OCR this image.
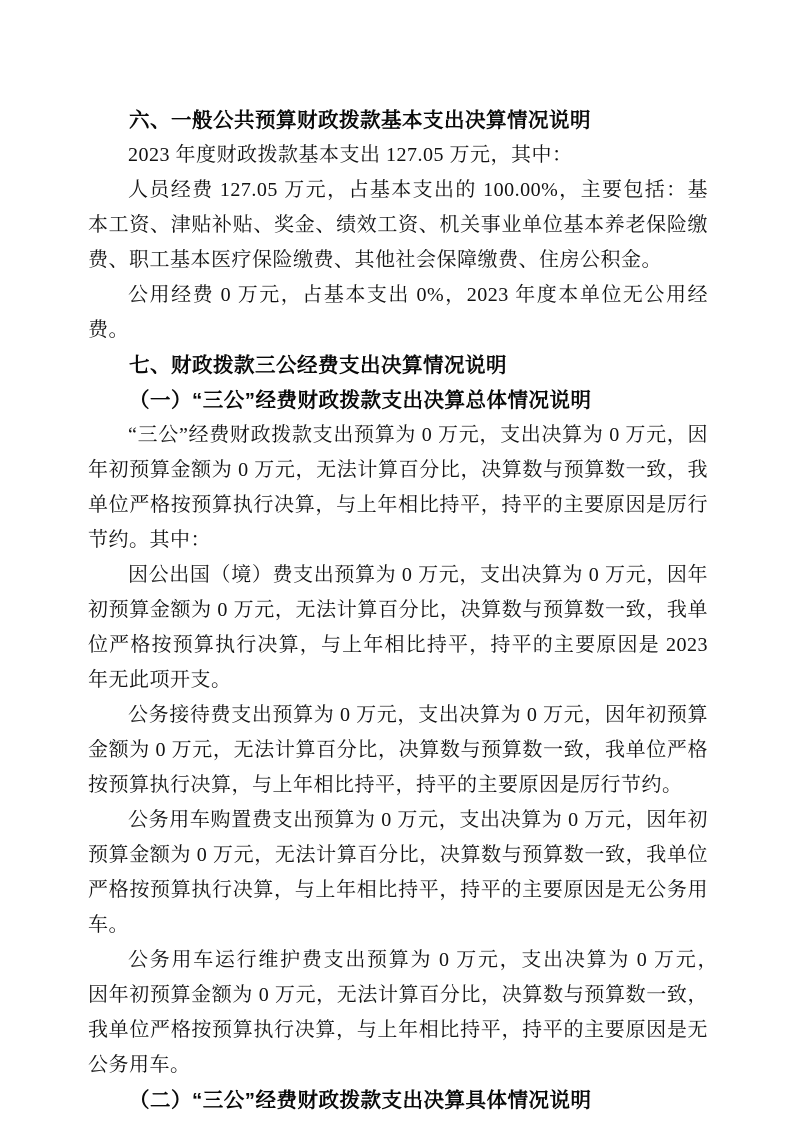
六、一般公共预算财政拨款基本支出决算情况说明

2023 年度财政拨款基本支出 127.05 万元，其中：

人员经费 127.05 万元，占基本支出的 100.00%，主要包括：基本工资、津贴补贴、奖金、绩效工资、机关事业单位基本养老保险缴费、职工基本医疗保险缴费、其他社会保障缴费、住房公积金。

公用经费 0 万元，占基本支出 0%，2023 年度本单位无公用经费。

七、财政拨款三公经费支出决算情况说明
（一）“三公”经费财政拨款支出决算总体情况说明

“三公”经费财政拨款支出预算为 0 万元，支出决算为 0 万元，因年初预算金额为 0 万元，无法计算百分比，决算数与预算数一致，我单位严格按预算执行决算，与上年相比持平，持平的主要原因是厉行节约。其中：

因公出国（境）费支出预算为 0 万元，支出决算为 0 万元，因年初预算金额为 0 万元，无法计算百分比，决算数与预算数一致，我单位严格按预算执行决算，与上年相比持平，持平的主要原因是 2023 年无此项开支。

公务接待费支出预算为 0 万元，支出决算为 0 万元，因年初预算金额为 0 万元，无法计算百分比，决算数与预算数一致，我单位严格按预算执行决算，与上年相比持平，持平的主要原因是厉行节约。

公务用车购置费支出预算为 0 万元，支出决算为 0 万元，因年初预算金额为 0 万元，无法计算百分比，决算数与预算数一致，我单位严格按预算执行决算，与上年相比持平，持平的主要原因是无公务用车。

公务用车运行维护费支出预算为 0 万元，支出决算为 0 万元，　因年初预算金额为 0 万元，无法计算百分比，决算数与预算数一致，我单位严格按预算执行决算，与上年相比持平，持平的主要原因是无公务用车。

（二）“三公”经费财政拨款支出决算具体情况说明
